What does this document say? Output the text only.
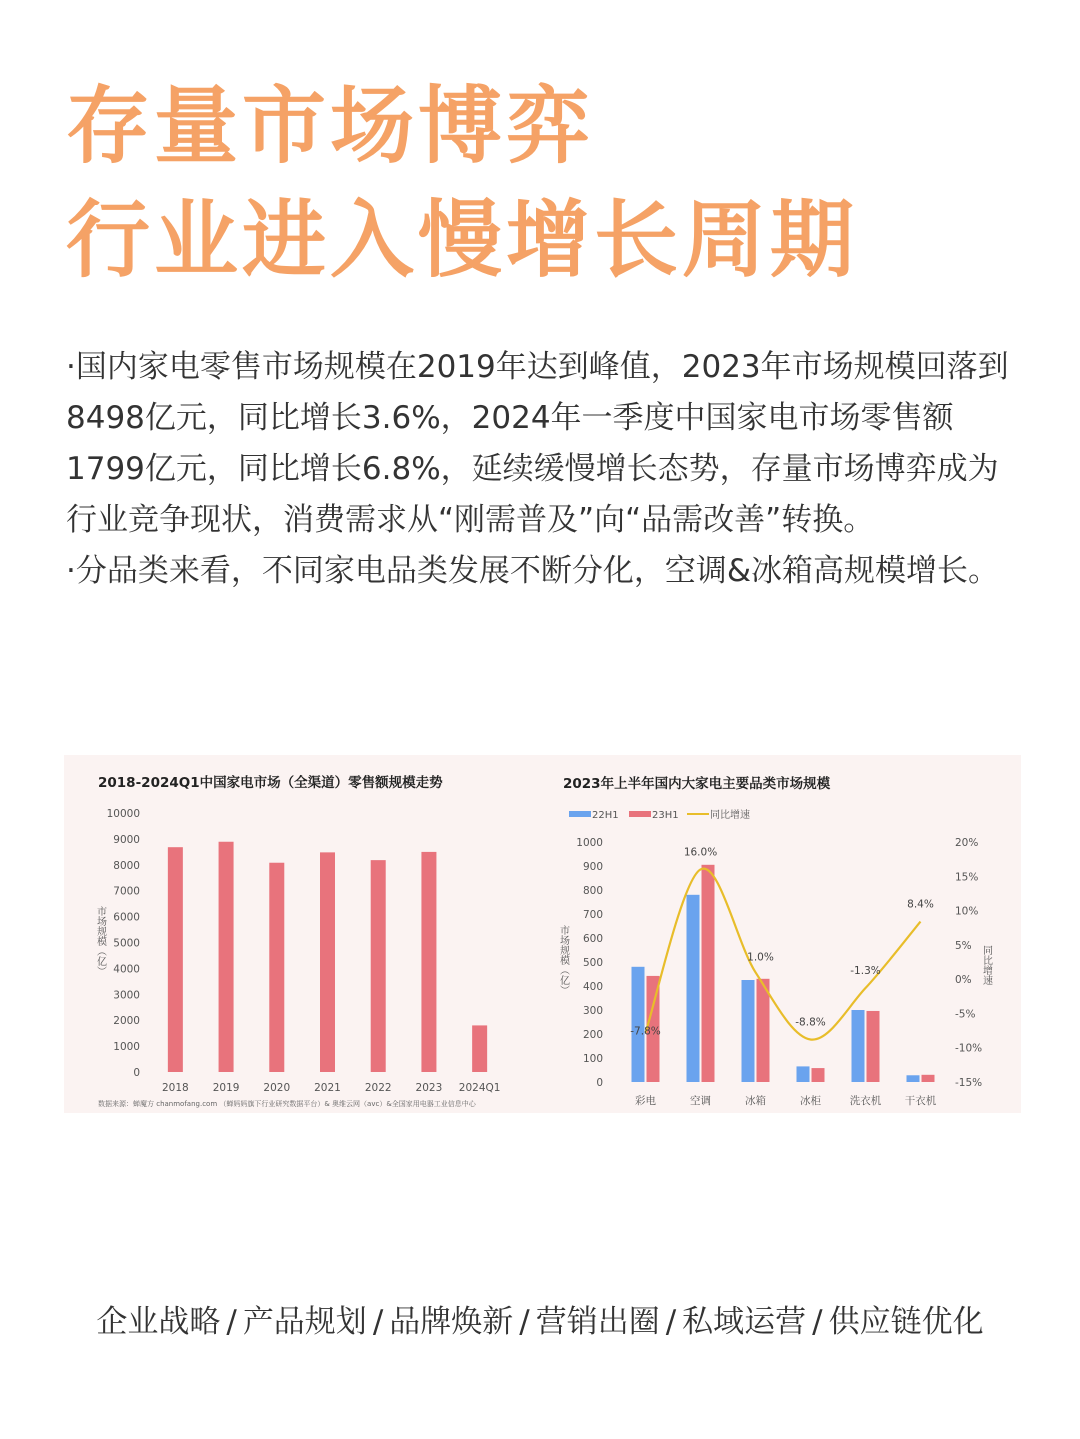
存量市场博弈
行业进入慢增长周期

·国内家电零售市场规模在2019年达到峰值，2023年市场规模回落到8498亿元，同比增长3.6%，2024年一季度中国家电市场零售额1799亿元，同比增长6.8%，延续缓慢增长态势，存量市场博弈成为行业竞争现状，消费需求从“刚需普及”向“品需改善”转换。

·分品类来看，不同家电品类发展不断分化，空调&冰箱高规模增长。

2018-2024Q1中国家电市场（全渠道）零售额规模走势
市场规模（亿）
0
1000
2000
3000
4000
5000
6000
7000
8000
9000
10000
2018 2019 2020 2021 2022 2023 2024Q1
数据来源：蝉魔方 chanmofang.com （蝉妈妈旗下行业研究数据平台）& 奥维云网（avc）&全国家用电器工业信息中心
2023年上半年国内大家电主要品类市场规模
22H1	23H1	同比增速
市场规模（亿）	同比增速
0
100
200
300
400
500
600
700
800
900
1000
-15%
-10%
-5%
0%
5%
10%
15%
20%
-7.8%
16.0%
1.0%
-8.8%
-1.3%
8.4%
彩电	空调	冰箱	冰柜	洗衣机 干衣机
企业战略 / 产品规划 / 品牌焕新 / 营销出圈 / 私域运营 / 供应链优化
